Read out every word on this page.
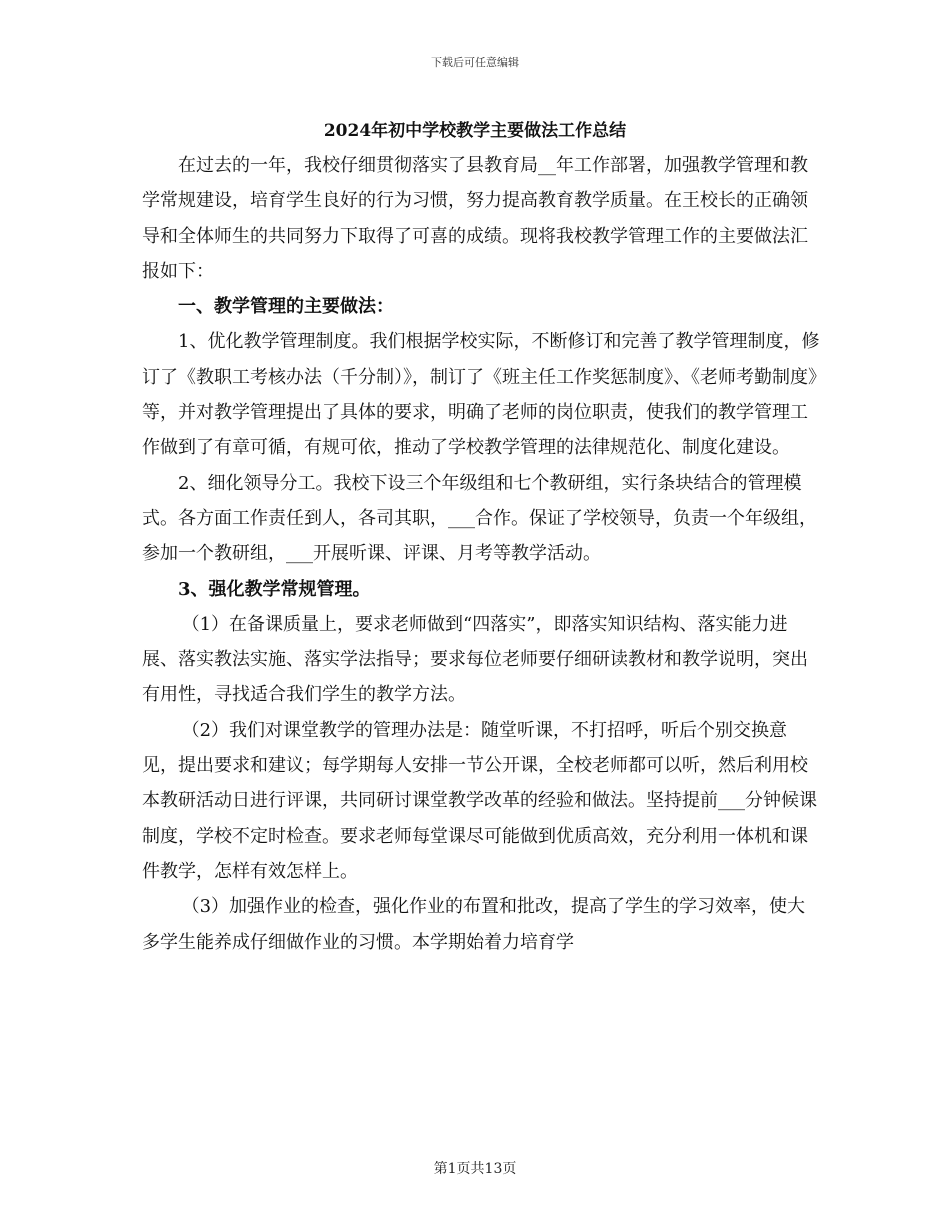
下载后可任意编辑
2024年初中学校教学主要做法工作总结

在过去的一年，我校仔细贯彻落实了县教育局__年工作部署，加强教学管理和教学常规建设，培育学生良好的行为习惯，努力提高教育教学质量。在王校长的正确领导和全体师生的共同努力下取得了可喜的成绩。现将我校教学管理工作的主要做法汇报如下：

一、教学管理的主要做法：

1、优化教学管理制度。我们根据学校实际，不断修订和完善了教学管理制度，修订了《教职工考核办法（千分制）》，制订了《班主任工作奖惩制度》、《老师考勤制度》等，并对教学管理提出了具体的要求，明确了老师的岗位职责，使我们的教学管理工作做到了有章可循，有规可依，推动了学校教学管理的法律规范化、制度化建设。

2、细化领导分工。我校下设三个年级组和七个教研组，实行条块结合的管理模式。各方面工作责任到人，各司其职，___合作。保证了学校领导，负责一个年级组，参加一个教研组，___开展听课、评课、月考等教学活动。

3、强化教学常规管理。

（1）在备课质量上，要求老师做到“四落实”，即落实知识结构、落实能力进展、落实教法实施、落实学法指导；要求每位老师要仔细研读教材和教学说明，突出有用性，寻找适合我们学生的教学方法。

（2）我们对课堂教学的管理办法是：随堂听课，不打招呼，听后个别交换意见，提出要求和建议；每学期每人安排一节公开课，全校老师都可以听，然后利用校本教研活动日进行评课，共同研讨课堂教学改革的经验和做法。坚持提前___分钟候课制度，学校不定时检查。要求老师每堂课尽可能做到优质高效，充分利用一体机和课件教学，怎样有效怎样上。

（3）加强作业的检查，强化作业的布置和批改，提高了学生的学习效率，使大多学生能养成仔细做作业的习惯。本学期始着力培育学

第1页共13页
